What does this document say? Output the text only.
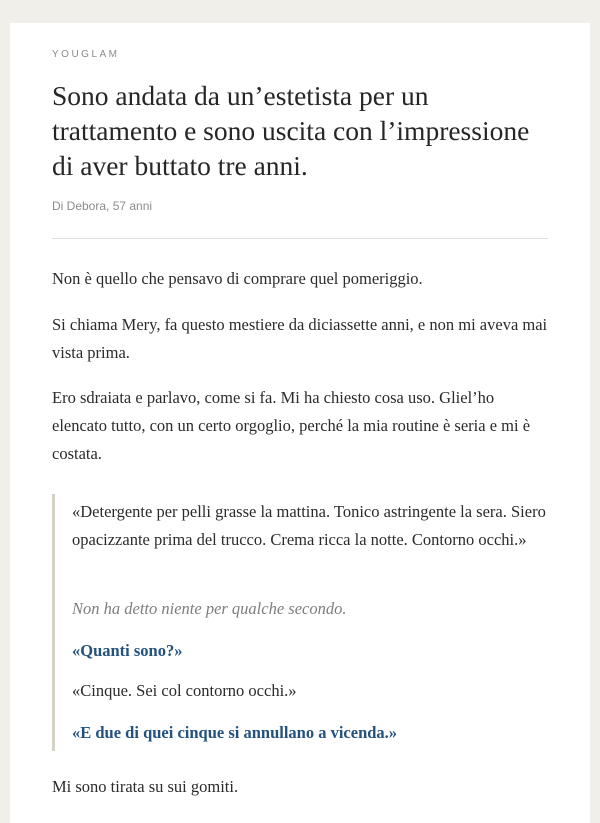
YOUGLAM
Sono andata da un’estetista per un trattamento e sono uscita con l’impressione di aver buttato tre anni.
Di Debora, 57 anni

Non è quello che pensavo di comprare quel pomeriggio.

Si chiama Mery, fa questo mestiere da diciassette anni, e non mi aveva mai vista prima.

Ero sdraiata e parlavo, come si fa. Mi ha chiesto cosa uso. Gliel’ho elencato tutto, con un certo orgoglio, perché la mia routine è seria e mi è costata.

«Detergente per pelli grasse la mattina. Tonico astringente la sera. Siero opacizzante prima del trucco. Crema ricca la notte. Contorno occhi.»

Non ha detto niente per qualche secondo.

«Quanti sono?»

«Cinque. Sei col contorno occhi.»

«E due di quei cinque si annullano a vicenda.»

Mi sono tirata su sui gomiti.
